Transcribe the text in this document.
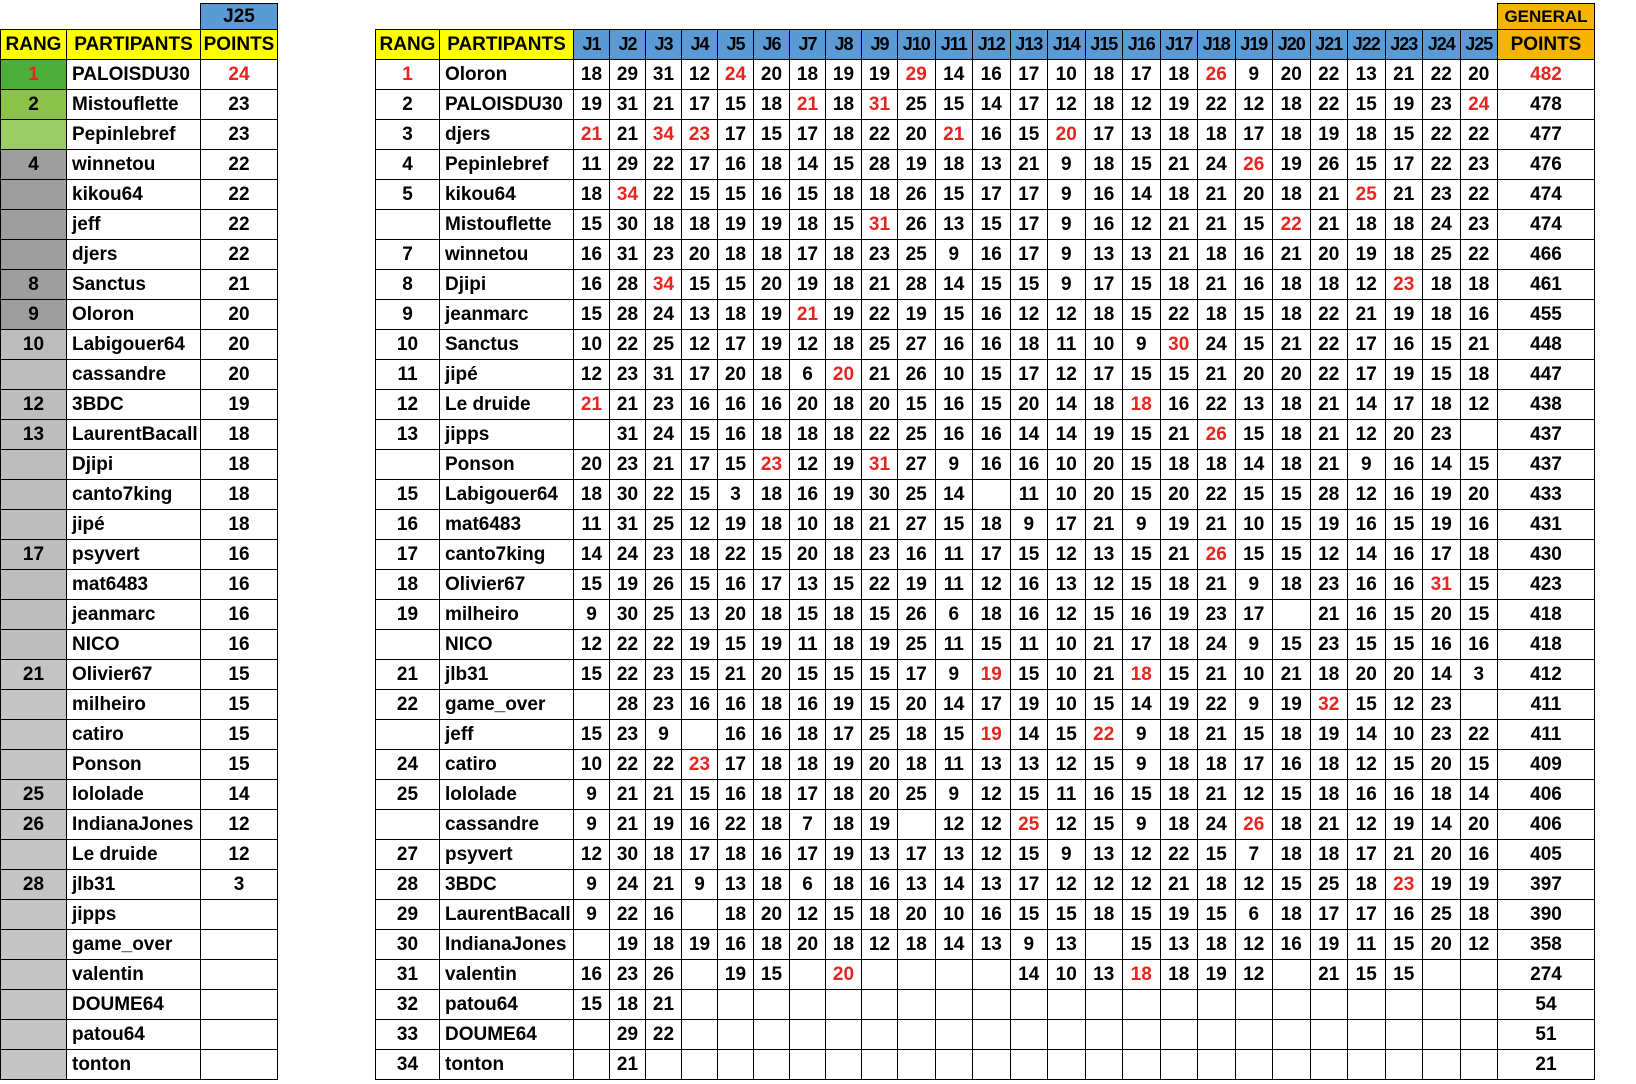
		J25
RANG	PARTIPANTS	POINTS
1	PALOISDU30	24
2	Mistouflette	23
	Pepinlebref	23
4	winnetou	22
	kikou64	22
	jeff	22
	djers	22
8	Sanctus	21
9	Oloron	20
10	Labigouer64	20
	cassandre	20
12	3BDC	19
13	LaurentBacall	18
	Djipi	18
	canto7king	18
	jipé	18
17	psyvert	16
	mat6483	16
	jeanmarc	16
	NICO	16
21	Olivier67	15
	milheiro	15
	catiro	15
	Ponson	15
25	lololade	14
26	IndianaJones	12
	Le druide	12
28	jlb31	3
	jipps	
	game_over	
	valentin	
	DOUME64	
	patou64	
	tonton	
																											GENERAL
RANG	PARTIPANTS	J1	J2	J3	J4	J5	J6	J7	J8	J9	J10	J11	J12	J13	J14	J15	J16	J17	J18	J19	J20	J21	J22	J23	J24	J25	POINTS
1	Oloron	18	29	31	12	24	20	18	19	19	29	14	16	17	10	18	17	18	26	9	20	22	13	21	22	20	482
2	PALOISDU30	19	31	21	17	15	18	21	18	31	25	15	14	17	12	18	12	19	22	12	18	22	15	19	23	24	478
3	djers	21	21	34	23	17	15	17	18	22	20	21	16	15	20	17	13	18	18	17	18	19	18	15	22	22	477
4	Pepinlebref	11	29	22	17	16	18	14	15	28	19	18	13	21	9	18	15	21	24	26	19	26	15	17	22	23	476
5	kikou64	18	34	22	15	15	16	15	18	18	26	15	17	17	9	16	14	18	21	20	18	21	25	21	23	22	474
	Mistouflette	15	30	18	18	19	19	18	15	31	26	13	15	17	9	16	12	21	21	15	22	21	18	18	24	23	474
7	winnetou	16	31	23	20	18	18	17	18	23	25	9	16	17	9	13	13	21	18	16	21	20	19	18	25	22	466
8	Djipi	16	28	34	15	15	20	19	18	21	28	14	15	15	9	17	15	18	21	16	18	18	12	23	18	18	461
9	jeanmarc	15	28	24	13	18	19	21	19	22	19	15	16	12	12	18	15	22	18	15	18	22	21	19	18	16	455
10	Sanctus	10	22	25	12	17	19	12	18	25	27	16	16	18	11	10	9	30	24	15	21	22	17	16	15	21	448
11	jipé	12	23	31	17	20	18	6	20	21	26	10	15	17	12	17	15	15	21	20	20	22	17	19	15	18	447
12	Le druide	21	21	23	16	16	16	20	18	20	15	16	15	20	14	18	18	16	22	13	18	21	14	17	18	12	438
13	jipps		31	24	15	16	18	18	18	22	25	16	16	14	14	19	15	21	26	15	18	21	12	20	23		437
	Ponson	20	23	21	17	15	23	12	19	31	27	9	16	16	10	20	15	18	18	14	18	21	9	16	14	15	437
15	Labigouer64	18	30	22	15	3	18	16	19	30	25	14		11	10	20	15	20	22	15	15	28	12	16	19	20	433
16	mat6483	11	31	25	12	19	18	10	18	21	27	15	18	9	17	21	9	19	21	10	15	19	16	15	19	16	431
17	canto7king	14	24	23	18	22	15	20	18	23	16	11	17	15	12	13	15	21	26	15	15	12	14	16	17	18	430
18	Olivier67	15	19	26	15	16	17	13	15	22	19	11	12	16	13	12	15	18	21	9	18	23	16	16	31	15	423
19	milheiro	9	30	25	13	20	18	15	18	15	26	6	18	16	12	15	16	19	23	17		21	16	15	20	15	418
	NICO	12	22	22	19	15	19	11	18	19	25	11	15	11	10	21	17	18	24	9	15	23	15	15	16	16	418
21	jlb31	15	22	23	15	21	20	15	15	15	17	9	19	15	10	21	18	15	21	10	21	18	20	20	14	3	412
22	game_over		28	23	16	16	18	16	19	15	20	14	17	19	10	15	14	19	22	9	19	32	15	12	23		411
	jeff	15	23	9		16	16	18	17	25	18	15	19	14	15	22	9	18	21	15	18	19	14	10	23	22	411
24	catiro	10	22	22	23	17	18	18	19	20	18	11	13	13	12	15	9	18	18	17	16	18	12	15	20	15	409
25	lololade	9	21	21	15	16	18	17	18	20	25	9	12	15	11	16	15	18	21	12	15	18	16	16	18	14	406
	cassandre	9	21	19	16	22	18	7	18	19		12	12	25	12	15	9	18	24	26	18	21	12	19	14	20	406
27	psyvert	12	30	18	17	18	16	17	19	13	17	13	12	15	9	13	12	22	15	7	18	18	17	21	20	16	405
28	3BDC	9	24	21	9	13	18	6	18	16	13	14	13	17	12	12	12	21	18	12	15	25	18	23	19	19	397
29	LaurentBacall	9	22	16		18	20	12	15	18	20	10	16	15	15	18	15	19	15	6	18	17	17	16	25	18	390
30	IndianaJones		19	18	19	16	18	20	18	12	18	14	13	9	13		15	13	18	12	16	19	11	15	20	12	358
31	valentin	16	23	26		19	15		20					14	10	13	18	18	19	12		21	15	15			274
32	patou64	15	18	21																							54
33	DOUME64		29	22																							51
34	tonton		21																								21
